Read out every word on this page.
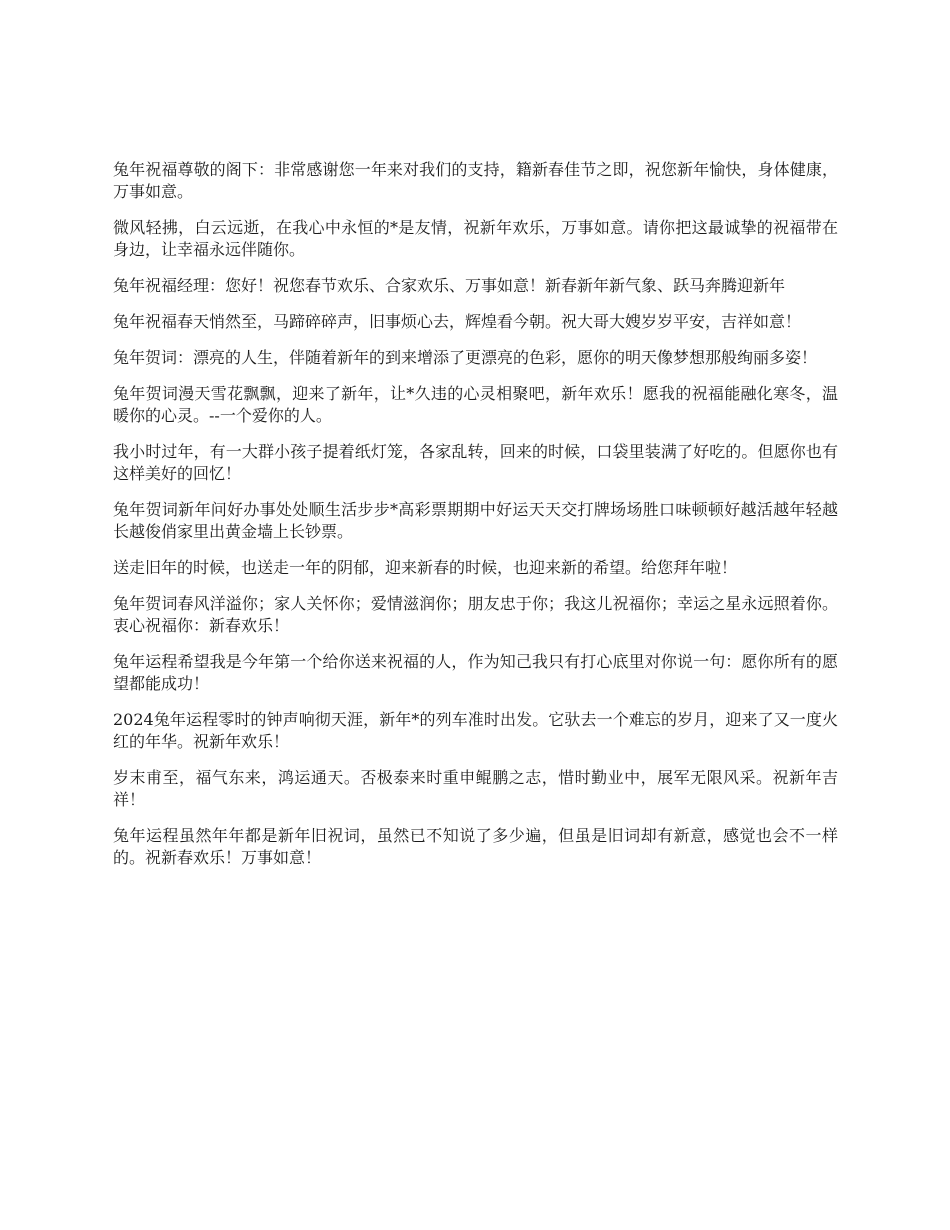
兔年祝福尊敬的阁下：非常感谢您一年来对我们的支持，籍新春佳节之即，祝您新年愉快，身体健康，万事如意。

微风轻拂，白云远逝，在我心中永恒的*是友情，祝新年欢乐，万事如意。请你把这最诚挚的祝福带在身边，让幸福永远伴随你。

兔年祝福经理：您好！祝您春节欢乐、合家欢乐、万事如意！新春新年新气象、跃马奔腾迎新年

兔年祝福春天悄然至，马蹄碎碎声，旧事烦心去，辉煌看今朝。祝大哥大嫂岁岁平安，吉祥如意！

兔年贺词：漂亮的人生，伴随着新年的到来增添了更漂亮的色彩，愿你的明天像梦想那般绚丽多姿！

兔年贺词漫天雪花飘飘，迎来了新年，让*久违的心灵相聚吧，新年欢乐！愿我的祝福能融化寒冬，温暖你的心灵。--一个爱你的人。

我小时过年，有一大群小孩子提着纸灯笼，各家乱转，回来的时候，口袋里装满了好吃的。但愿你也有这样美好的回忆！

兔年贺词新年问好办事处处顺生活步步*高彩票期期中好运天天交打牌场场胜口味顿顿好越活越年轻越长越俊俏家里出黄金墙上长钞票。

送走旧年的时候，也送走一年的阴郁，迎来新春的时候，也迎来新的希望。给您拜年啦！

兔年贺词春风洋溢你；家人关怀你；爱情滋润你；朋友忠于你；我这儿祝福你；幸运之星永远照着你。衷心祝福你：新春欢乐！

兔年运程希望我是今年第一个给你送来祝福的人，作为知己我只有打心底里对你说一句：愿你所有的愿望都能成功！

2024兔年运程零时的钟声响彻天涯，新年*的列车准时出发。它驮去一个难忘的岁月，迎来了又一度火红的年华。祝新年欢乐！

岁末甫至，福气东来，鸿运通天。否极泰来时重申鲲鹏之志，惜时勤业中，展军无限风采。祝新年吉祥！

兔年运程虽然年年都是新年旧祝词，虽然已不知说了多少遍，但虽是旧词却有新意，感觉也会不一样的。祝新春欢乐！万事如意！
